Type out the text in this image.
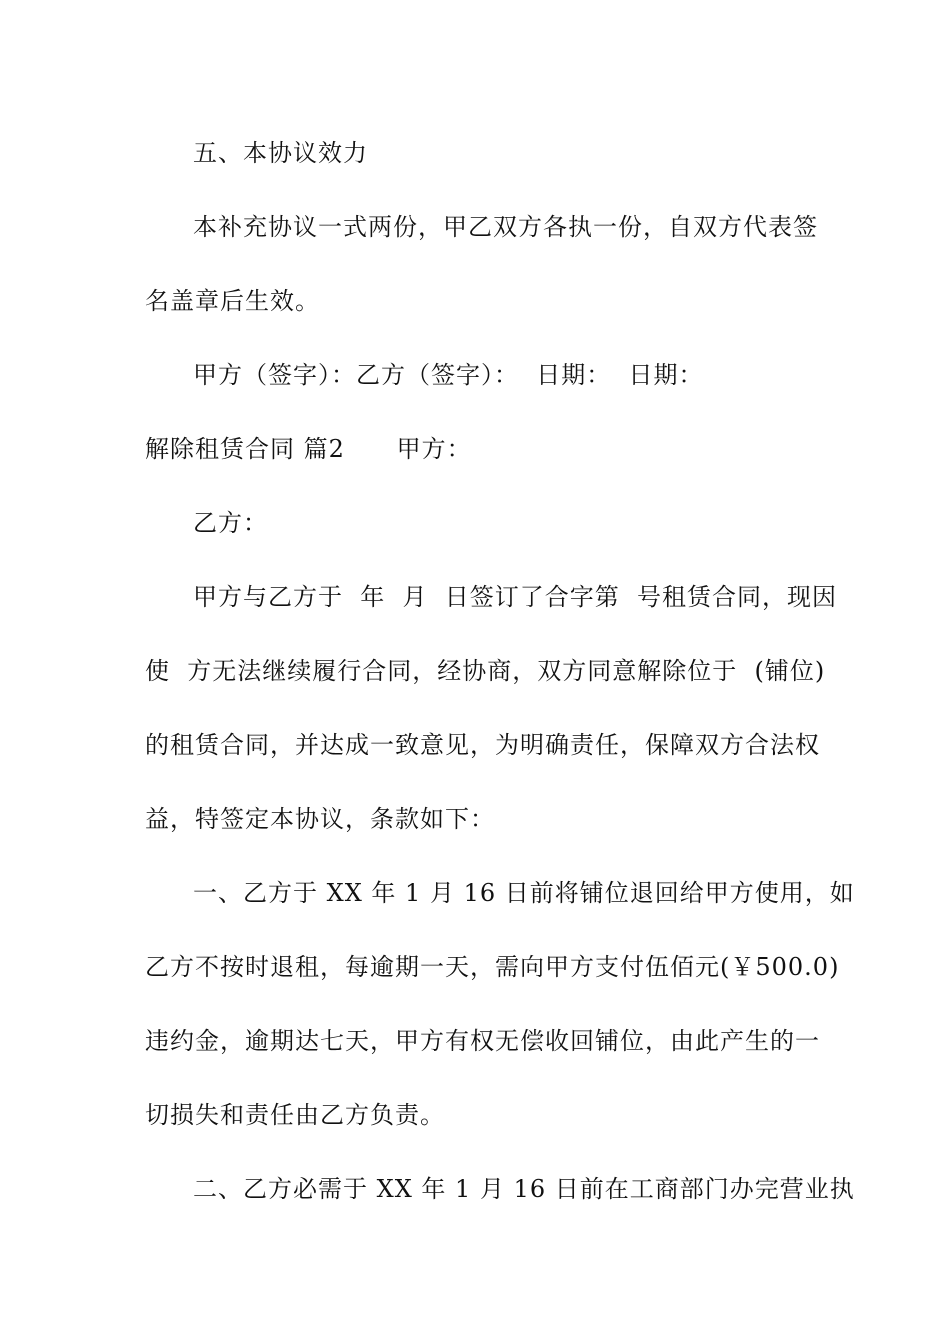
五、本协议效力
本补充协议一式两份，甲乙双方各执一份，自双方代表签
名盖章后生效。
甲方（签字）：乙方（签字）：  日期：  日期：
解除租赁合同 篇2      甲方：
乙方：
甲方与乙方于  年  月  日签订了合字第  号租赁合同，现因
使  方无法继续履行合同，经协商，双方同意解除位于  (铺位)
的租赁合同，并达成一致意见，为明确责任，保障双方合法权
益，特签定本协议，条款如下：
一、乙方于 XX 年 1 月 16 日前将铺位退回给甲方使用，如
乙方不按时退租，每逾期一天，需向甲方支付伍佰元(￥500.0)
违约金，逾期达七天，甲方有权无偿收回铺位，由此产生的一
切损失和责任由乙方负责。
二、乙方必需于 XX 年 1 月 16 日前在工商部门办完营业执
